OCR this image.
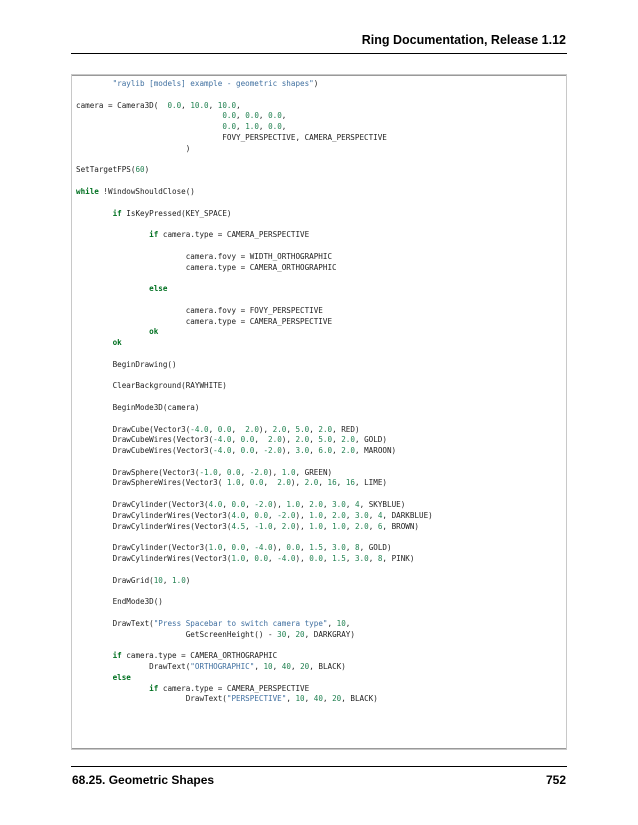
Ring Documentation, Release 1.12
"raylib [models] example - geometric shapes")

camera = Camera3D(  0.0, 10.0, 10.0,
0.0, 0.0, 0.0,
0.0, 1.0, 0.0,
FOVY_PERSPECTIVE, CAMERA_PERSPECTIVE
)

SetTargetFPS(60)

while !WindowShouldClose()

if IsKeyPressed(KEY_SPACE)

if camera.type = CAMERA_PERSPECTIVE

camera.fovy = WIDTH_ORTHOGRAPHIC
camera.type = CAMERA_ORTHOGRAPHIC

else

camera.fovy = FOVY_PERSPECTIVE
camera.type = CAMERA_PERSPECTIVE
ok
ok

BeginDrawing()

ClearBackground(RAYWHITE)

BeginMode3D(camera)

DrawCube(Vector3(-4.0, 0.0,  2.0), 2.0, 5.0, 2.0, RED)
DrawCubeWires(Vector3(-4.0, 0.0,  2.0), 2.0, 5.0, 2.0, GOLD)
DrawCubeWires(Vector3(-4.0, 0.0, -2.0), 3.0, 6.0, 2.0, MAROON)

DrawSphere(Vector3(-1.0, 0.0, -2.0), 1.0, GREEN)
DrawSphereWires(Vector3( 1.0, 0.0,  2.0), 2.0, 16, 16, LIME)

DrawCylinder(Vector3(4.0, 0.0, -2.0), 1.0, 2.0, 3.0, 4, SKYBLUE)
DrawCylinderWires(Vector3(4.0, 0.0, -2.0), 1.0, 2.0, 3.0, 4, DARKBLUE)
DrawCylinderWires(Vector3(4.5, -1.0, 2.0), 1.0, 1.0, 2.0, 6, BROWN)

DrawCylinder(Vector3(1.0, 0.0, -4.0), 0.0, 1.5, 3.0, 8, GOLD)
DrawCylinderWires(Vector3(1.0, 0.0, -4.0), 0.0, 1.5, 3.0, 8, PINK)

DrawGrid(10, 1.0)

EndMode3D()

DrawText("Press Spacebar to switch camera type", 10,
GetScreenHeight() - 30, 20, DARKGRAY)

if camera.type = CAMERA_ORTHOGRAPHIC
DrawText("ORTHOGRAPHIC", 10, 40, 20, BLACK)
else
if camera.type = CAMERA_PERSPECTIVE
DrawText("PERSPECTIVE", 10, 40, 20, BLACK)

68.25. Geometric Shapes	752
